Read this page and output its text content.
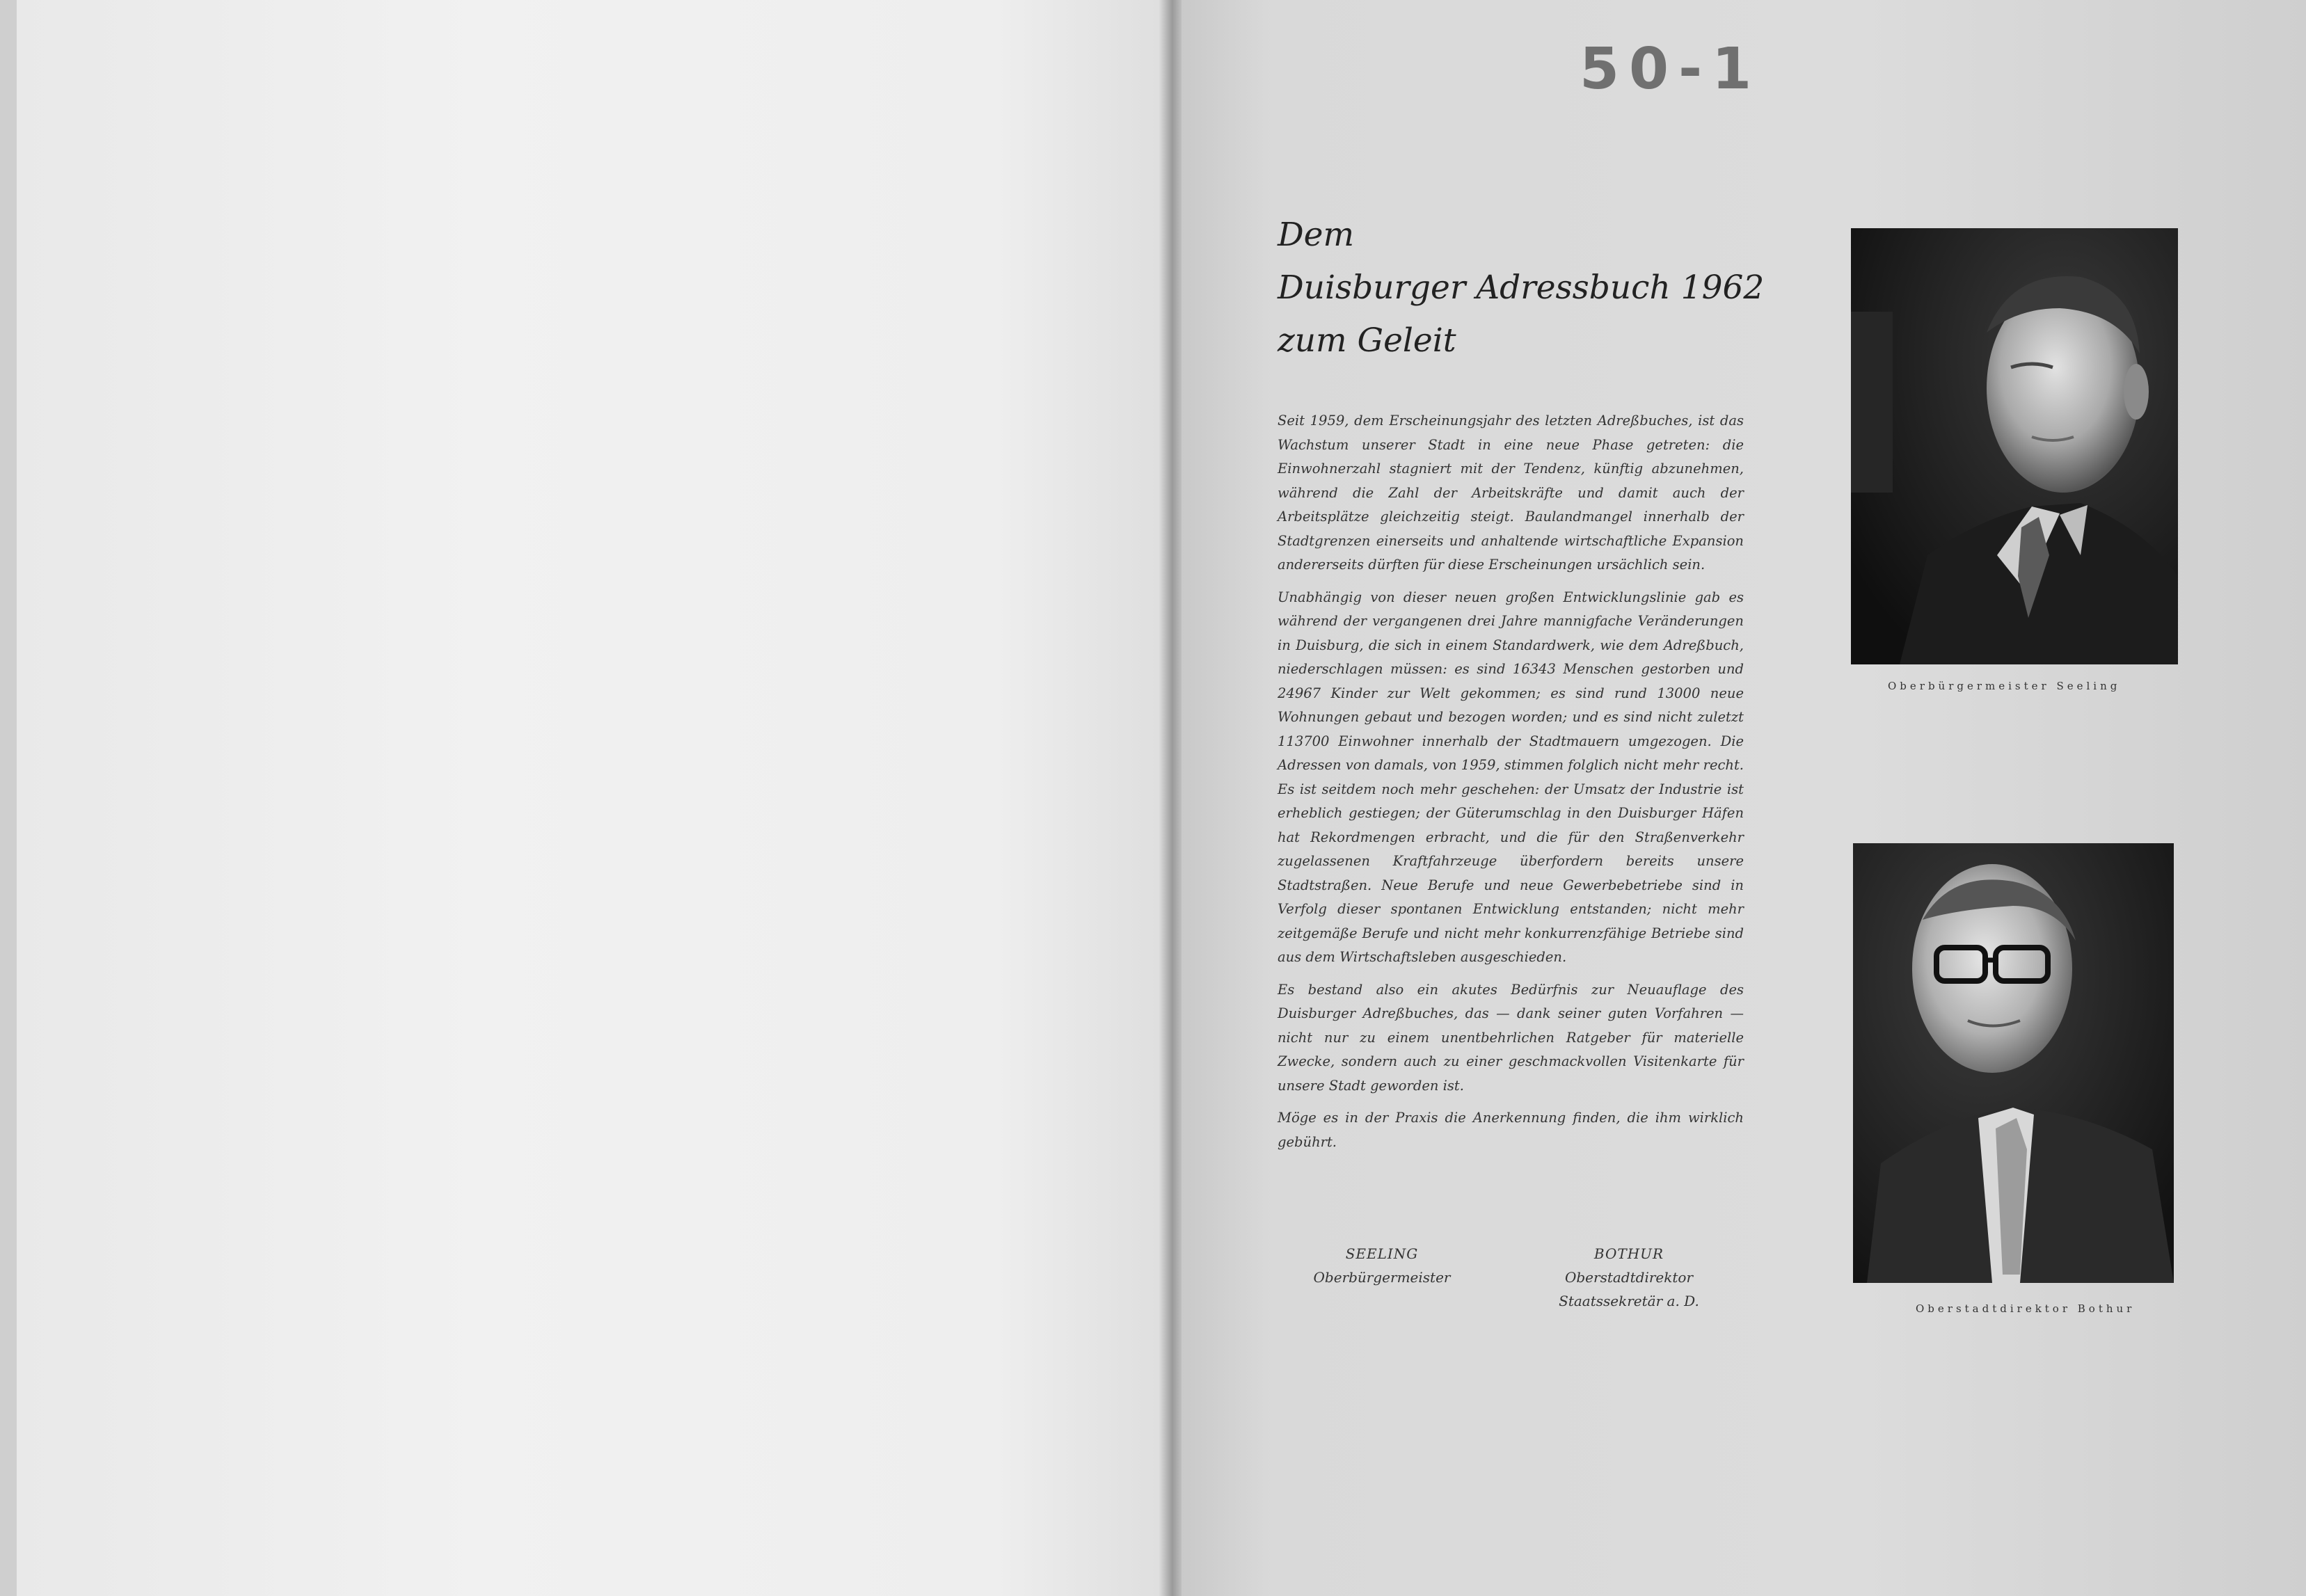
50-1
Dem
Duisburger Adressbuch 1962
zum Geleit

Seit 1959, dem Erscheinungsjahr des letzten Adreßbuches, ist das Wachstum unserer Stadt in eine neue Phase getreten: die Einwohnerzahl stagniert mit der Tendenz, künftig abzunehmen, während die Zahl der Arbeitskräfte und damit auch der Arbeitsplätze gleichzeitig steigt. Baulandmangel innerhalb der Stadtgrenzen einerseits und anhaltende wirtschaftliche Expansion andererseits dürften für diese Erscheinungen ursächlich sein.

Unabhängig von dieser neuen großen Entwicklungslinie gab es während der vergangenen drei Jahre mannigfache Veränderungen in Duisburg, die sich in einem Standardwerk, wie dem Adreßbuch, niederschlagen müssen: es sind 16343 Menschen gestorben und 24967 Kinder zur Welt gekommen; es sind rund 13000 neue Wohnungen gebaut und bezogen worden; und es sind nicht zuletzt 113700 Einwohner innerhalb der Stadtmauern umgezogen. Die Adressen von damals, von 1959, stimmen folglich nicht mehr recht. Es ist seitdem noch mehr geschehen: der Umsatz der Industrie ist erheblich gestiegen; der Güterumschlag in den Duisburger Häfen hat Rekordmengen erbracht, und die für den Straßenverkehr zugelassenen Kraftfahrzeuge überfordern bereits unsere Stadtstraßen. Neue Berufe und neue Gewerbebetriebe sind in Verfolg dieser spontanen Entwicklung entstanden; nicht mehr zeitgemäße Berufe und nicht mehr konkurrenzfähige Betriebe sind aus dem Wirtschaftsleben ausgeschieden.

Es bestand also ein akutes Bedürfnis zur Neuauflage des Duisburger Adreßbuches, das — dank seiner guten Vorfahren — nicht nur zu einem unentbehrlichen Ratgeber für materielle Zwecke, sondern auch zu einer geschmackvollen Visitenkarte für unsere Stadt geworden ist.

Möge es in der Praxis die Anerkennung finden, die ihm wirklich gebührt.

SEELING
Oberbürgermeister
BOTHUR
Oberstadtdirektor
Staatssekretär a. D.
Oberbürgermeister Seeling
Oberstadtdirektor Bothur
